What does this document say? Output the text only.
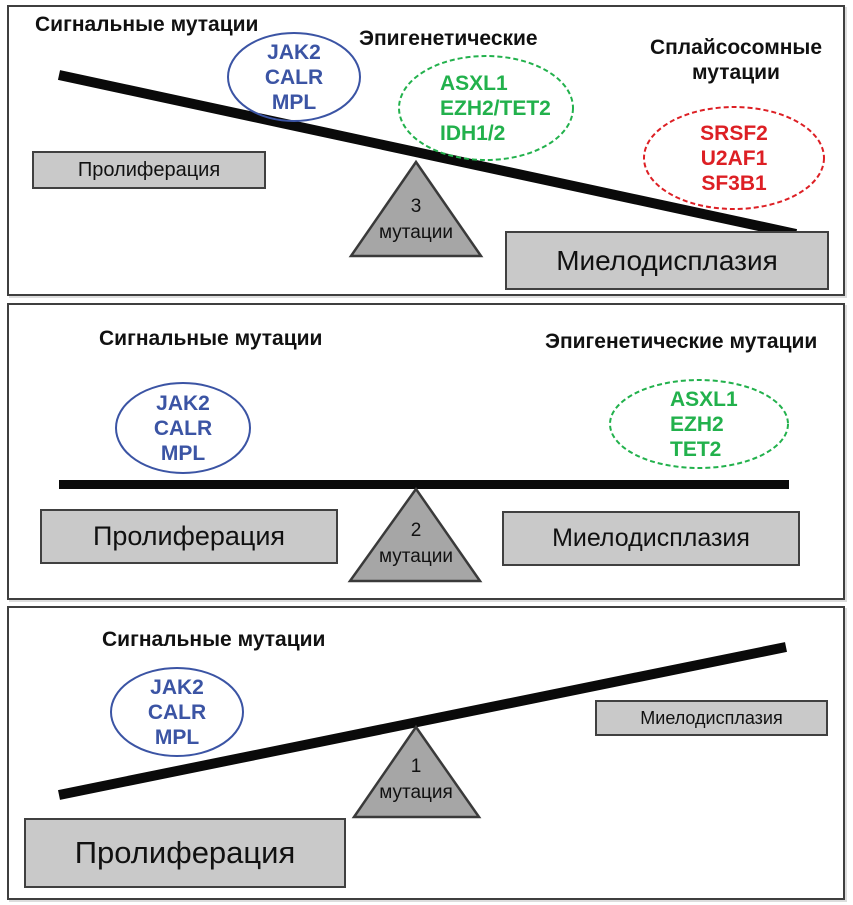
Сигнальные мутации
Эпигенетические	Сплайсосомные
мутации
JAK2
CALR
MPL
ASXL1
EZH2/TET2
IDH1/2	SRSF2
U2AF1
SF3B1
3
мутации
Пролиферация
Миелодисплазия
Сигнальные мутации	Эпигенетические мутации
JAK2
CALR
MPL
ASXL1
EZH2
TET2
2
мутации
Пролиферация	Миелодисплазия
Сигнальные мутации
JAK2
CALR
MPL
1
мутация
Миелодисплазия
Пролиферация
